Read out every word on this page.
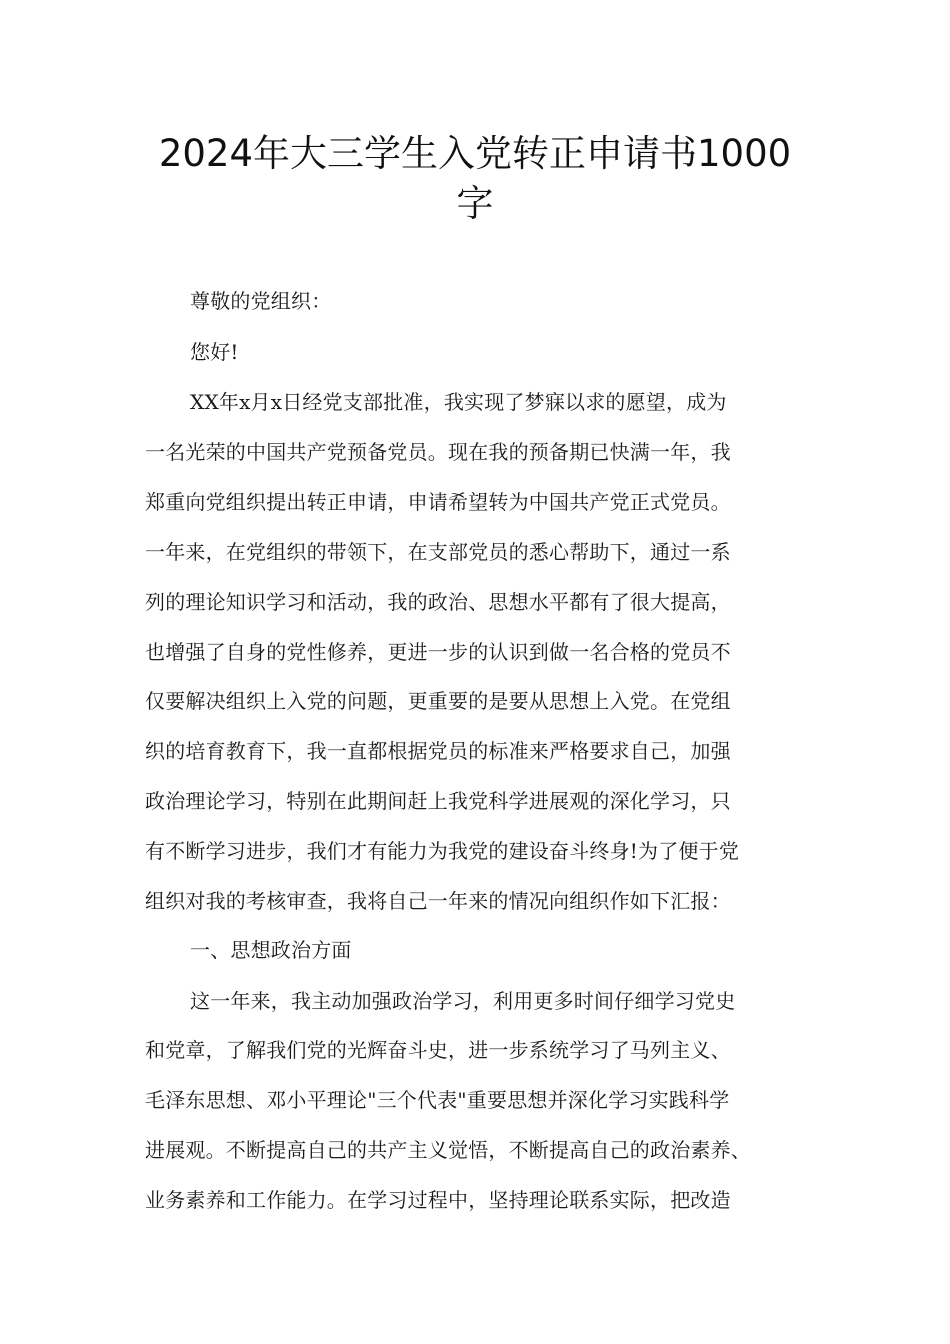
2024年大三学生入党转正申请书1000
字
尊敬的党组织：
您好!
XX年x月x日经党支部批准，我实现了梦寐以求的愿望，成为
一名光荣的中国共产党预备党员。现在我的预备期已快满一年，我
郑重向党组织提出转正申请，申请希望转为中国共产党正式党员。
一年来，在党组织的带领下，在支部党员的悉心帮助下，通过一系
列的理论知识学习和活动，我的政治、思想水平都有了很大提高，
也增强了自身的党性修养，更进一步的认识到做一名合格的党员不
仅要解决组织上入党的问题，更重要的是要从思想上入党。在党组
织的培育教育下，我一直都根据党员的标准来严格要求自己，加强
政治理论学习，特别在此期间赶上我党科学进展观的深化学习，只
有不断学习进步，我们才有能力为我党的建设奋斗终身!为了便于党
组织对我的考核审查，我将自己一年来的情况向组织作如下汇报：
一、思想政治方面
这一年来，我主动加强政治学习，利用更多时间仔细学习党史
和党章，了解我们党的光辉奋斗史，进一步系统学习了马列主义、
毛泽东思想、邓小平理论"三个代表"重要思想并深化学习实践科学
进展观。不断提高自己的共产主义觉悟，不断提高自己的政治素养、
业务素养和工作能力。在学习过程中，坚持理论联系实际，把改造
